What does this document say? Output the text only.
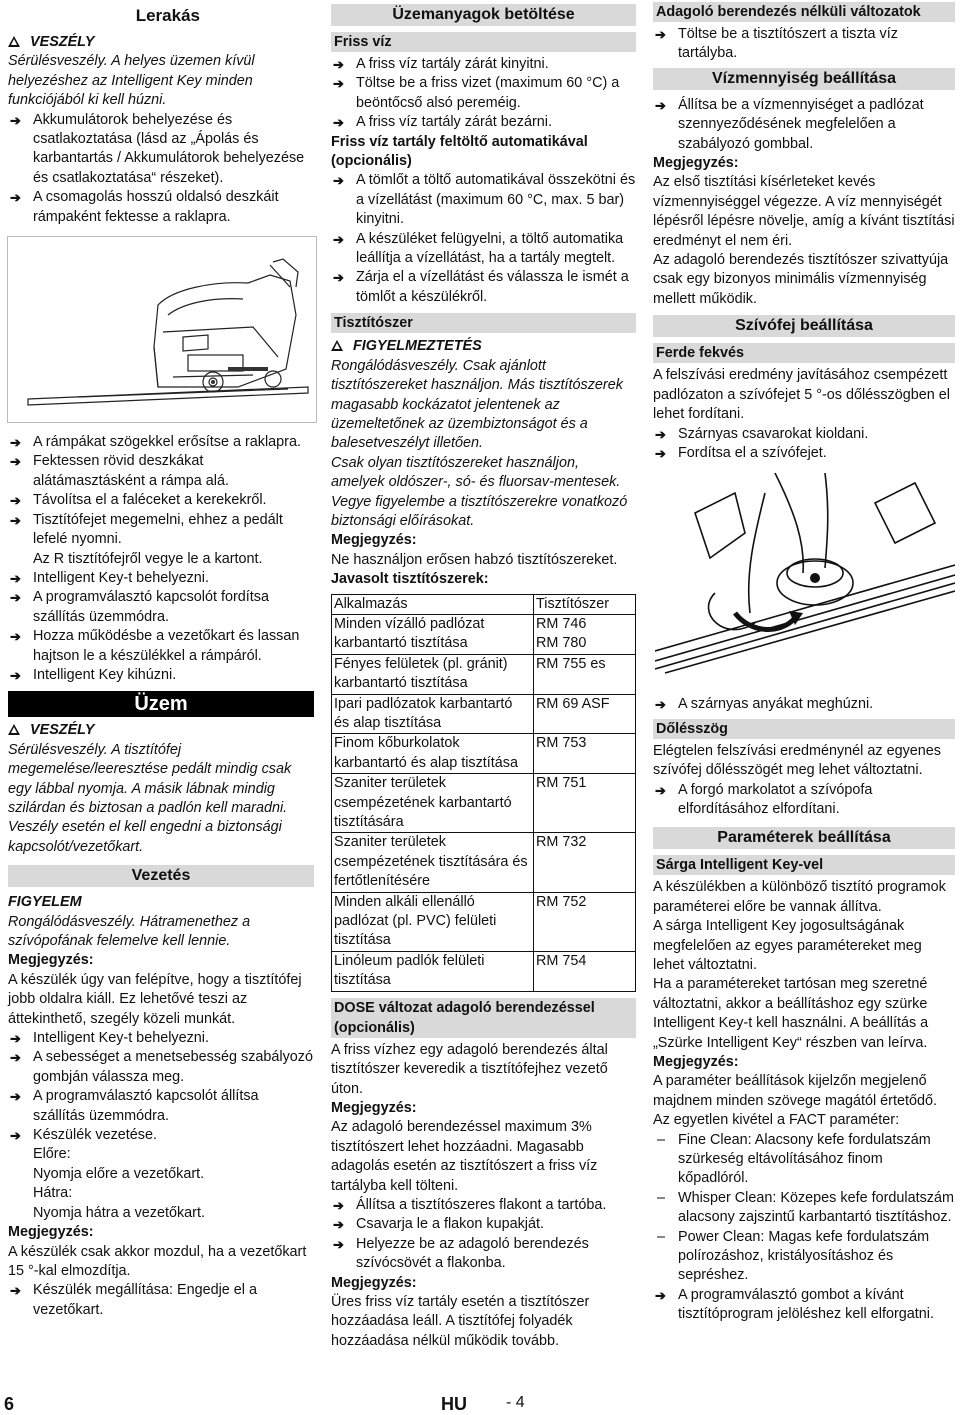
Lerakás
VESZÉLY
Sérülésveszély. A helyes üzemen kívül helyezéshez az Intelligent Key minden funkciójából ki kell húzni.
➔ Akkumulátorok behelyezése és csatlakoztatása (lásd az „Ápolás és karbantartás / Akkumulátorok behelyezése és csatlakoztatása“ részeket).
➔ A csomagolás hosszú oldalsó deszkáit rámpaként fektesse a raklapra.
➔ A rámpákat szögekkel erősítse a raklapra.
➔ Fektessen rövid deszkákat alátámasztásként a rámpa alá.
➔ Távolítsa el a faléceket a kerekekről.
➔ Tisztítófejet megemelni, ehhez a pedált lefelé nyomni.
Az R tisztítófejről vegye le a kartont.
➔ Intelligent Key-t behelyezni.
➔ A programválasztó kapcsolót fordítsa szállítás üzemmódra.
➔ Hozza működésbe a vezetőkart és lassan hajtson le a készülékkel a rámpáról.
➔ Intelligent Key kihúzni.
Üzem
VESZÉLY
Sérülésveszély. A tisztítófej megemelése/leeresztése pedált mindig csak egy lábbal nyomja. A másik lábnak mindig szilárdan és biztosan a padlón kell maradni. Veszély esetén el kell engedni a biztonsági kapcsolót/vezetőkart.
Vezetés
FIGYELEM
Rongálódásveszély. Hátramenethez a szívópofának felemelve kell lennie.
Megjegyzés:
A készülék úgy van felépítve, hogy a tisztítófej jobb oldalra kiáll. Ez lehetővé teszi az áttekinthető, szegély közeli munkát.
➔ Intelligent Key-t behelyezni.
➔ A sebességet a menetsebesség szabályozó gombján válassza meg.
➔ A programválasztó kapcsolót állítsa szállítás üzemmódra.
➔ Készülék vezetése.
Előre:
Nyomja előre a vezetőkart.
Hátra:
Nyomja hátra a vezetőkart.
Megjegyzés:
A készülék csak akkor mozdul, ha a vezetőkart 15 °-kal elmozdítja.
➔ Készülék megállítása: Engedje el a vezetőkart.
Üzemanyagok betöltése
Friss víz
➔ A friss víz tartály zárát kinyitni.
➔ Töltse be a friss vizet (maximum 60 °C) a beöntőcső alsó pereméig.
➔ A friss víz tartály zárát bezárni.
Friss víz tartály feltöltő automatikával (opcionális)
➔ A tömlőt a töltő automatikával összekötni és a vízellátást (maximum 60 °C, max. 5 bar) kinyitni.
➔ A készüléket felügyelni, a töltő automatika leállítja a vízellátást, ha a tartály megtelt.
➔ Zárja el a vízellátást és válassza le ismét a tömlőt a készülékről.
Tisztítószer
FIGYELMEZTETÉS
Rongálódásveszély. Csak ajánlott tisztítószereket használjon. Más tisztítószerek magasabb kockázatot jelentenek az üzemeltetőnek az üzembiztonságot és a balesetveszélyt illetően.
Csak olyan tisztítószereket használjon, amelyek oldószer-, só- és fluorsav-mentesek.
Vegye figyelembe a tisztítószerekre vonatkozó biztonsági előírásokat.
Megjegyzés:
Ne használjon erősen habzó tisztítószereket.
Javasolt tisztítószerek:
Alkalmazás	Tisztítószer
Minden vízálló padlózat karbantartó tisztítása	RM 746
RM 780
Fényes felületek (pl. gránit) karbantartó tisztítása	RM 755 es
Ipari padlózatok karbantartó és alap tisztítása	RM 69 ASF
Finom kőburkolatok karbantartó és alap tisztítása	RM 753
Szaniter területek csempézetének karbantartó tisztítására	RM 751
Szaniter területek csempézetének tisztítására és fertőtlenítésére	RM 732
Minden alkáli ellenálló padlózat (pl. PVC) felületi tisztítása	RM 752
Linóleum padlók felületi tisztítása	RM 754
DOSE változat adagoló berendezéssel (opcionális)
A friss vízhez egy adagoló berendezés által tisztítószer keveredik a tisztítófejhez vezető úton.
Megjegyzés:
Az adagoló berendezéssel maximum 3% tisztítószert lehet hozzáadni. Magasabb adagolás esetén az tisztítószert a friss víz tartályba kell tölteni.
➔ Állítsa a tisztítószeres flakont a tartóba.
➔ Csavarja le a flakon kupakját.
➔ Helyezze be az adagoló berendezés szívócsövét a flakonba.
Megjegyzés:
Üres friss víz tartály esetén a tisztítószer hozzáadása leáll. A tisztítófej folyadék hozzáadása nélkül működik tovább.
Adagoló berendezés nélküli változatok
➔ Töltse be a tisztítószert a tiszta víz tartályba.
Vízmennyiség beállítása
➔ Állítsa be a vízmennyiséget a padlózat szennyeződésének megfelelően a szabályozó gombbal.
Megjegyzés:
Az első tisztítási kísérleteket kevés vízmennyiséggel végezze. A víz mennyiségét lépésről lépésre növelje, amíg a kívánt tisztítási eredményt el nem éri.
Az adagoló berendezés tisztítószer szivattyúja csak egy bizonyos minimális vízmennyiség mellett működik.
Szívófej beállítása
Ferde fekvés
A felszívási eredmény javításához csempézett padlózaton a szívófejet 5 °-os dőlésszögben el lehet fordítani.
➔ Szárnyas csavarokat kioldani.
➔ Fordítsa el a szívófejet.
➔ A szárnyas anyákat meghúzni.
Dőlésszög
Elégtelen felszívási eredménynél az egyenes szívófej dőlésszögét meg lehet változtatni.
➔ A forgó markolatot a szívópofa elfordításához elfordítani.
Paraméterek beállítása
Sárga Intelligent Key-vel
A készülékben a különböző tisztító programok paraméterei előre be vannak állítva.
A sárga Intelligent Key jogosultságának megfelelően az egyes paramétereket meg lehet változtatni.
Ha a paramétereket tartósan meg szeretné változtatni, akkor a beállításhoz egy szürke Intelligent Key-t kell használni. A beállítás a „Szürke Intelligent Key“ részben van leírva.
Megjegyzés:
A paraméter beállítások kijelzőn megjelenő majdnem minden szövege magától értetődő. Az egyetlen kivétel a FACT paraméter:
– Fine Clean: Alacsony kefe fordulatszám szürkeség eltávolításához finom kőpadlóról.
– Whisper Clean: Közepes kefe fordulatszám alacsony zajszintű karbantartó tisztításhoz.
– Power Clean: Magas kefe fordulatszám polírozáshoz, kristályosításhoz és sepréshez.
➔ A programválasztó gombot a kívánt tisztítóprogram jelöléshez kell elforgatni.
6	HU - 4
